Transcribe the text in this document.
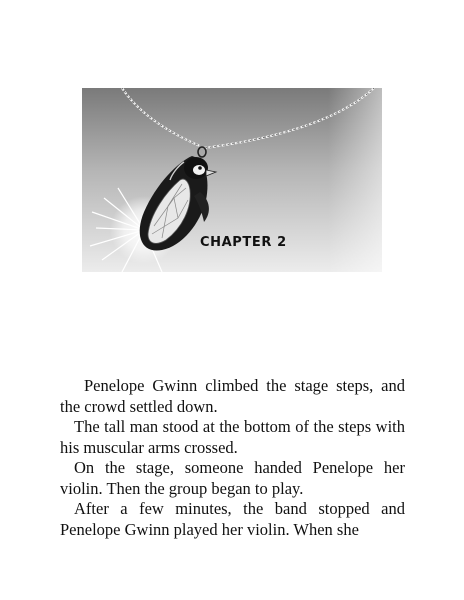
CHAPTER 2

Penelope Gwinn climbed the stage steps, and the crowd settled down.

The tall man stood at the bottom of the steps with his muscular arms crossed.

On the stage, someone handed Penelope her violin. Then the group began to play.

After a few minutes, the band stopped and Penelope Gwinn played her violin. When she
